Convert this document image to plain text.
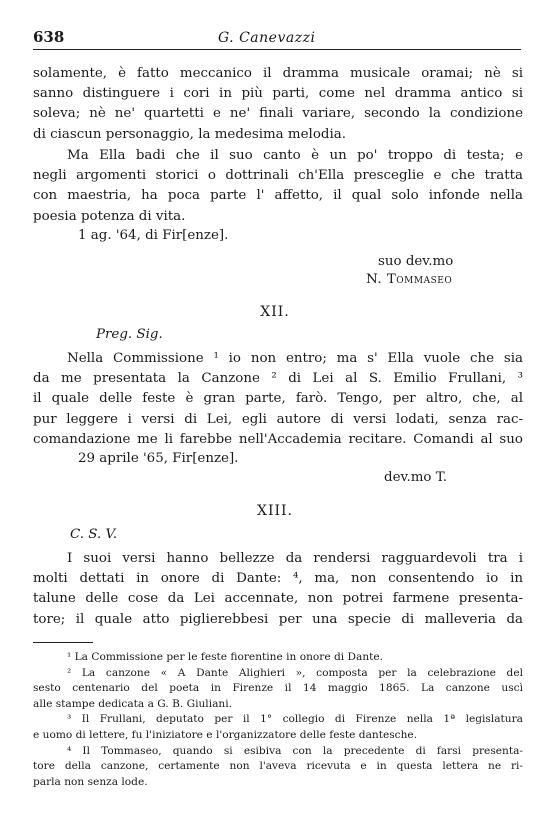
638	G. Canevazzi
solamente, è fatto meccanico il dramma musicale oramai; nè si
sanno distinguere i cori in più parti, come nel dramma antico si
soleva; nè ne' quartetti e ne' finali variare, secondo la condizione
di ciascun personaggio, la medesima melodia.
Ma Ella badi che il suo canto è un po' troppo di testa; e
negli argomenti storici o dottrinali ch'Ella presceglie e che tratta
con maestria, ha poca parte l' affetto, il qual solo infonde nella
poesia potenza di vita.
1 ag. '64, di Fir[enze].
suo dev.mo
N. Tommaseo
XII.
Preg. Sig.
Nella Commissione ¹ io non entro; ma s' Ella vuole che sia
da me presentata la Canzone ² di Lei al S. Emilio Frullani, ³
il quale delle feste è gran parte, farò. Tengo, per altro, che, al
pur leggere i versi di Lei, egli autore di versi lodati, senza rac-
comandazione me li farebbe nell'Accademia recitare. Comandi al suo
29 aprile '65, Fir[enze].
dev.mo T.
XIII.
C. S. V.
I suoi versi hanno bellezze da rendersi ragguardevoli tra i
molti dettati in onore di Dante: ⁴, ma, non consentendo io in
talune delle cose da Lei accennate, non potrei farmene presenta-
tore; il quale atto piglierebbesi per una specie di malleveria da
¹ La Commissione per le feste fiorentine in onore di Dante.
² La canzone « A Dante Alighieri », composta per la celebrazione del
sesto centenario del poeta in Firenze il 14 maggio 1865. La canzone uscì
alle stampe dedicata a G. B. Giuliani.
³ Il Frullani, deputato per il 1° collegio di Firenze nella 1ª legislatura
e uomo di lettere, fu l'iniziatore e l'organizzatore delle feste dantesche.
⁴ Il Tommaseo, quando si esibiva con la precedente di farsi presenta-
tore della canzone, certamente non l'aveva ricevuta e in questa lettera ne ri-
parla non senza lode.
